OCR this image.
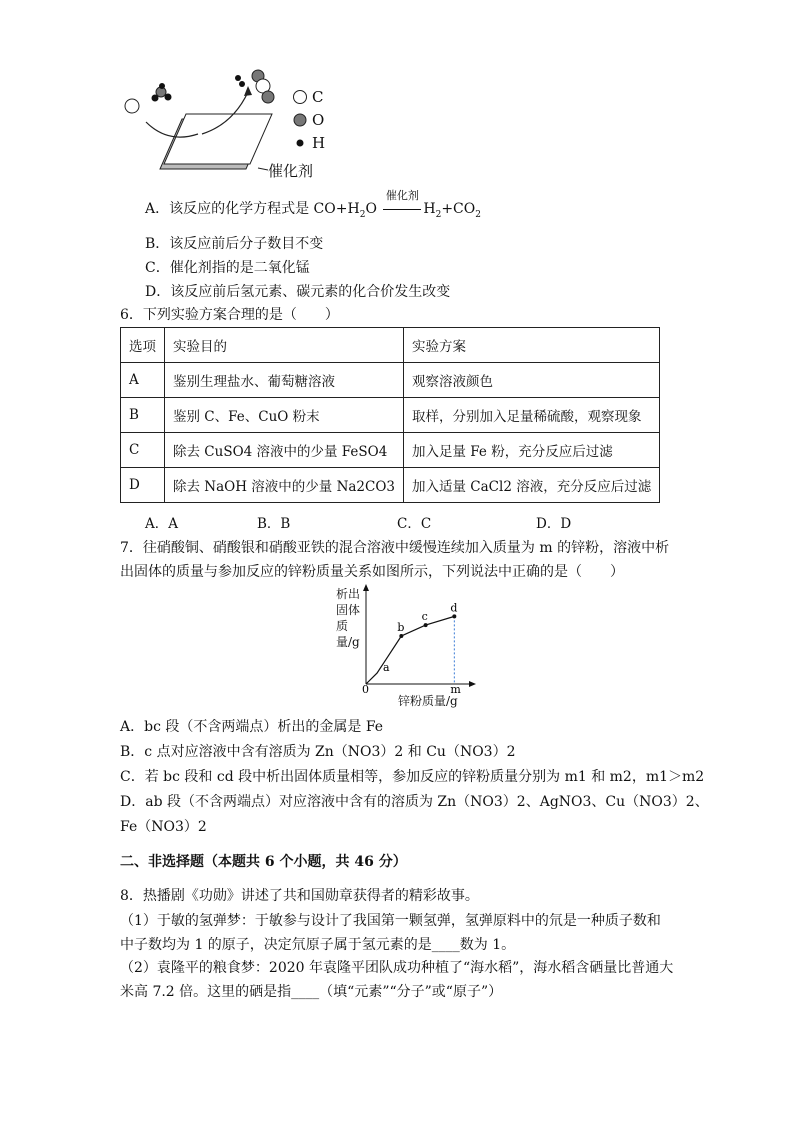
C
O
H
催化剂
A．该反应的化学方程式是 $CO+H_2O$
催化剂
$H_2+CO_2$
B．该反应前后分子数目不变
C．催化剂指的是二氧化锰
D．该反应前后氢元素、碳元素的化合价发生改变
6．下列实验方案合理的是（　　）
选项	实验目的	实验方案
A	鉴别生理盐水、葡萄糖溶液	观察溶液颜色
B	鉴别 C、Fe、CuO 粉末	取样，分别加入足量稀硫酸，观察现象
C	除去 CuSO4 溶液中的少量 FeSO4	加入足量 Fe 粉，充分反应后过滤
D	除去 NaOH 溶液中的少量 Na2CO3	加入适量 CaCl2 溶液，充分反应后过滤
A．A	B．B	C．C	D．D
7．往硝酸铜、硝酸银和硝酸亚铁的混合溶液中缓慢连续加入质量为 m 的锌粉，溶液中析
出固体的质量与参加反应的锌粉质量关系如图所示，下列说法中正确的是（　　）
a
b
c
d
0	m
析出固体质量/g
锌粉质量/g
A．bc 段（不含两端点）析出的金属是 Fe
B．c 点对应溶液中含有溶质为 Zn（NO3）2 和 Cu（NO3）2
C．若 bc 段和 cd 段中析出固体质量相等，参加反应的锌粉质量分别为 m1 和 m2，m1＞m2
D．ab 段（不含两端点）对应溶液中含有的溶质为 Zn（NO3）2、AgNO3、Cu（NO3）2、
Fe（NO3）2
二、非选择题（本题共 6 个小题，共 46 分）
8．热播剧《功勋》讲述了共和国勋章获得者的精彩故事。
（1）于敏的氢弹梦：于敏参与设计了我国第一颗氢弹，氢弹原料中的氘是一种质子数和
中子数均为 1 的原子，决定氘原子属于氢元素的是____数为 1。
（2）袁隆平的粮食梦：2020 年袁隆平团队成功种植了“海水稻”，海水稻含硒量比普通大
米高 7.2 倍。这里的硒是指____（填“元素”“分子”或“原子”）
